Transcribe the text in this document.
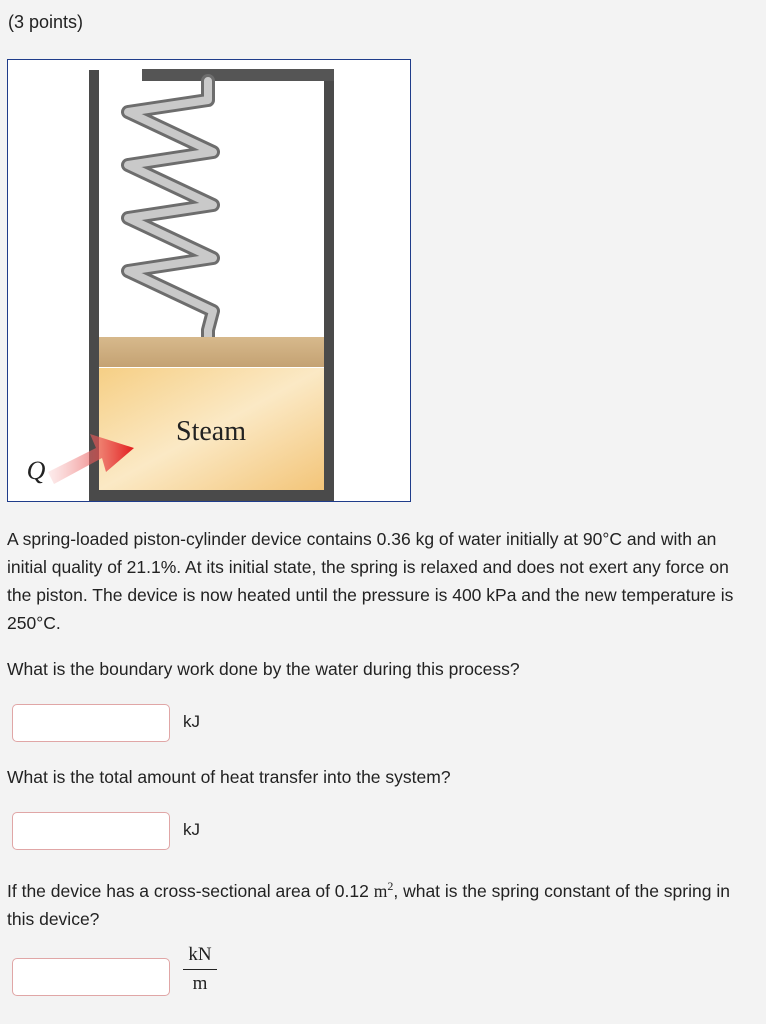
(3 points)
Steam
Q
A spring-loaded piston-cylinder device contains 0.36 kg of water initially at 90°C and with an initial quality of 21.1%. At its initial state, the spring is relaxed and does not exert any force on the piston. The device is now heated until the pressure is 400 kPa and the new temperature is 250°C.
What is the boundary work done by the water during this process?
kJ
What is the total amount of heat transfer into the system?
kJ
If the device has a cross-sectional area of 0.12 $m^2$, what is the spring constant of the spring in this device?
$\frac{kN}{m}$
